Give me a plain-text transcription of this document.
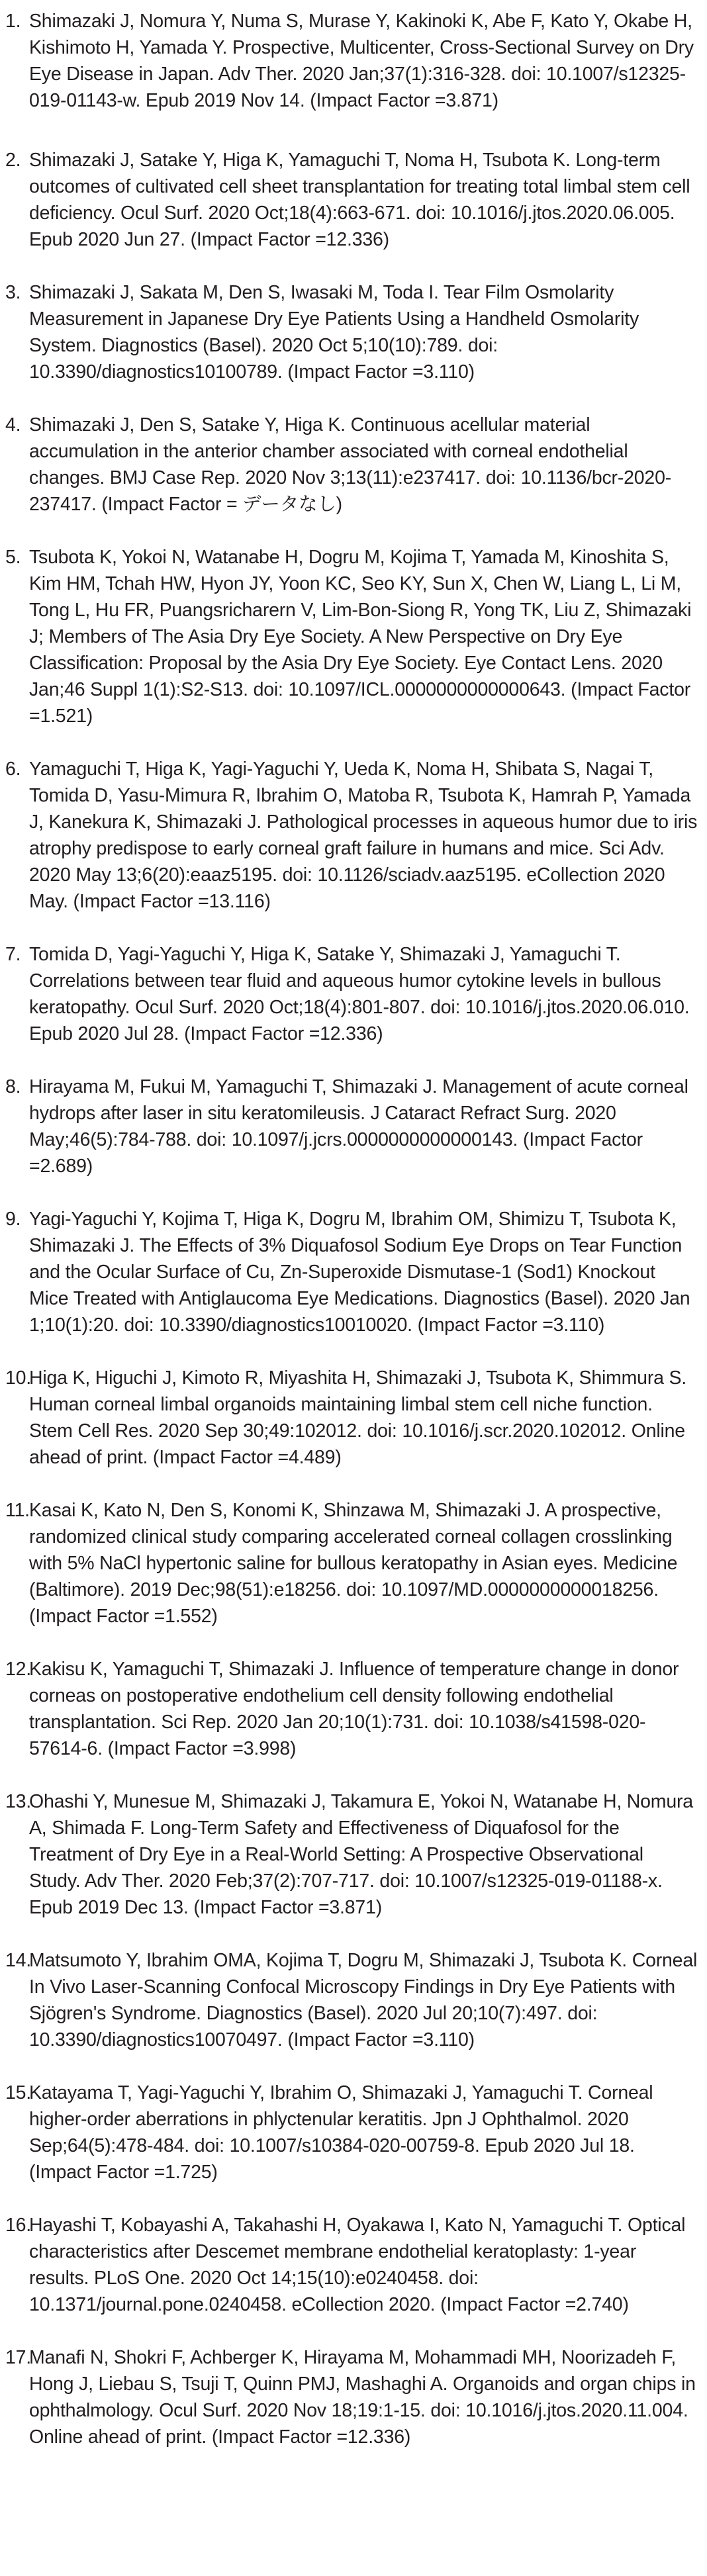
1. Shimazaki J, Nomura Y, Numa S, Murase Y, Kakinoki K, Abe F, Kato Y, Okabe H, Kishimoto H, Yamada Y. Prospective, Multicenter, Cross-Sectional Survey on Dry Eye Disease in Japan. Adv Ther. 2020 Jan;37(1):316-328. doi: 10.1007/s12325-019-01143-w. Epub 2019 Nov 14. (Impact Factor =3.871)
2. Shimazaki J, Satake Y, Higa K, Yamaguchi T, Noma H, Tsubota K. Long-term outcomes of cultivated cell sheet transplantation for treating total limbal stem cell deficiency. Ocul Surf. 2020 Oct;18(4):663-671. doi: 10.1016/j.jtos.2020.06.005. Epub 2020 Jun 27. (Impact Factor =12.336)
3. Shimazaki J, Sakata M, Den S, Iwasaki M, Toda I. Tear Film Osmolarity Measurement in Japanese Dry Eye Patients Using a Handheld Osmolarity System. Diagnostics (Basel). 2020 Oct 5;10(10):789. doi: 10.3390/diagnostics10100789. (Impact Factor =3.110)
4. Shimazaki J, Den S, Satake Y, Higa K. Continuous acellular material accumulation in the anterior chamber associated with corneal endothelial changes. BMJ Case Rep. 2020 Nov 3;13(11):e237417. doi: 10.1136/bcr-2020-237417. (Impact Factor = データなし)
5. Tsubota K, Yokoi N, Watanabe H, Dogru M, Kojima T, Yamada M, Kinoshita S, Kim HM, Tchah HW, Hyon JY, Yoon KC, Seo KY, Sun X, Chen W, Liang L, Li M, Tong L, Hu FR, Puangsricharern V, Lim-Bon-Siong R, Yong TK, Liu Z, Shimazaki J; Members of The Asia Dry Eye Society. A New Perspective on Dry Eye Classification: Proposal by the Asia Dry Eye Society. Eye Contact Lens. 2020 Jan;46 Suppl 1(1):S2-S13. doi: 10.1097/ICL.0000000000000643. (Impact Factor =1.521)
6. Yamaguchi T, Higa K, Yagi-Yaguchi Y, Ueda K, Noma H, Shibata S, Nagai T, Tomida D, Yasu-Mimura R, Ibrahim O, Matoba R, Tsubota K, Hamrah P, Yamada J, Kanekura K, Shimazaki J. Pathological processes in aqueous humor due to iris atrophy predispose to early corneal graft failure in humans and mice. Sci Adv. 2020 May 13;6(20):eaaz5195. doi: 10.1126/sciadv.aaz5195. eCollection 2020 May. (Impact Factor =13.116)
7. Tomida D, Yagi-Yaguchi Y, Higa K, Satake Y, Shimazaki J, Yamaguchi T. Correlations between tear fluid and aqueous humor cytokine levels in bullous keratopathy. Ocul Surf. 2020 Oct;18(4):801-807. doi: 10.1016/j.jtos.2020.06.010. Epub 2020 Jul 28. (Impact Factor =12.336)
8. Hirayama M, Fukui M, Yamaguchi T, Shimazaki J. Management of acute corneal hydrops after laser in situ keratomileusis. J Cataract Refract Surg. 2020 May;46(5):784-788. doi: 10.1097/j.jcrs.0000000000000143. (Impact Factor =2.689)
9. Yagi-Yaguchi Y, Kojima T, Higa K, Dogru M, Ibrahim OM, Shimizu T, Tsubota K, Shimazaki J. The Effects of 3% Diquafosol Sodium Eye Drops on Tear Function and the Ocular Surface of Cu, Zn-Superoxide Dismutase-1 (Sod1) Knockout Mice Treated with Antiglaucoma Eye Medications. Diagnostics (Basel). 2020 Jan 1;10(1):20. doi: 10.3390/diagnostics10010020. (Impact Factor =3.110)
10.
Higa K, Higuchi J, Kimoto R, Miyashita H, Shimazaki J, Tsubota K, Shimmura S. Human corneal limbal organoids maintaining limbal stem cell niche function. Stem Cell Res. 2020 Sep 30;49:102012. doi: 10.1016/j.scr.2020.102012. Online ahead of print. (Impact Factor =4.489)
11. Kasai K, Kato N, Den S, Konomi K, Shinzawa M, Shimazaki J. A prospective, randomized clinical study comparing accelerated corneal collagen crosslinking with 5% NaCl hypertonic saline for bullous keratopathy in Asian eyes. Medicine (Baltimore). 2019 Dec;98(51):e18256. doi: 10.1097/MD.0000000000018256. (Impact Factor =1.552)
12.
Kakisu K, Yamaguchi T, Shimazaki J. Influence of temperature change in donor corneas on postoperative endothelium cell density following endothelial transplantation. Sci Rep. 2020 Jan 20;10(1):731. doi: 10.1038/s41598-020-57614-6. (Impact Factor =3.998)
13.
Ohashi Y, Munesue M, Shimazaki J, Takamura E, Yokoi N, Watanabe H, Nomura A, Shimada F. Long-Term Safety and Effectiveness of Diquafosol for the Treatment of Dry Eye in a Real-World Setting: A Prospective Observational Study. Adv Ther. 2020 Feb;37(2):707-717. doi: 10.1007/s12325-019-01188-x. Epub 2019 Dec 13. (Impact Factor =3.871)
14.
Matsumoto Y, Ibrahim OMA, Kojima T, Dogru M, Shimazaki J, Tsubota K. Corneal In Vivo Laser-Scanning Confocal Microscopy Findings in Dry Eye Patients with Sjögren's Syndrome. Diagnostics (Basel). 2020 Jul 20;10(7):497. doi: 10.3390/diagnostics10070497. (Impact Factor =3.110)
15.
Katayama T, Yagi-Yaguchi Y, Ibrahim O, Shimazaki J, Yamaguchi T. Corneal higher-order aberrations in phlyctenular keratitis. Jpn J Ophthalmol. 2020 Sep;64(5):478-484. doi: 10.1007/s10384-020-00759-8. Epub 2020 Jul 18. (Impact Factor =1.725)
16.
Hayashi T, Kobayashi A, Takahashi H, Oyakawa I, Kato N, Yamaguchi T. Optical characteristics after Descemet membrane endothelial keratoplasty: 1-year results. PLoS One. 2020 Oct 14;15(10):e0240458. doi: 10.1371/journal.pone.0240458. eCollection 2020. (Impact Factor =2.740)
17.
Manafi N, Shokri F, Achberger K, Hirayama M, Mohammadi MH, Noorizadeh F, Hong J, Liebau S, Tsuji T, Quinn PMJ, Mashaghi A. Organoids and organ chips in ophthalmology. Ocul Surf. 2020 Nov 18;19:1-15. doi: 10.1016/j.jtos.2020.11.004. Online ahead of print. (Impact Factor =12.336)
